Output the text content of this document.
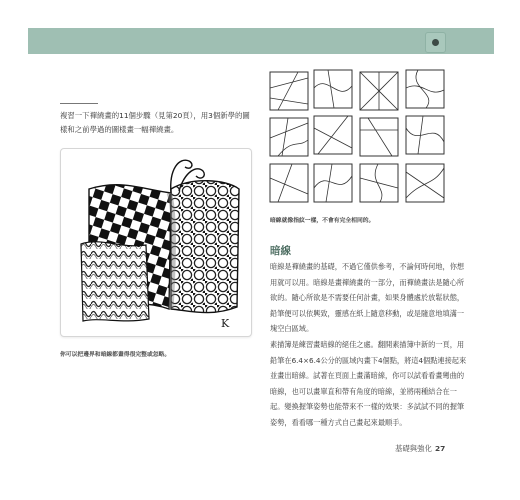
複習一下禪繞畫的11個步驟（見第20頁），用3個新學的圖樣和之前學過的圖樣畫一幅禪繞畫。
K
你可以把邊界和暗線都畫得很完整或忽略。
暗線就像指紋一樣，不會有完全相同的。
暗線
暗線是禪繞畫的基礎，不過它僅供參考，不論何時何地，你想用就可以用。暗線是畫禪繞畫的一部分，而禪繞畫法是隨心所欲的。隨心所欲是不需要任何計畫，如果身體處於放鬆狀態，鉛筆便可以依興致，靈感在紙上隨意移動，或是隨意地填滿一塊空白區域。
素描簿是練習畫暗線的絕佳之處。翻開素描簿中新的一頁，用鉛筆在6.4×6.4公分的區域內畫下4個點，將這4個點連接起來並畫出暗線。試著在頁面上畫滿暗線，你可以試看看畫彎曲的暗線，也可以畫單直和帶有角度的暗線，並將兩種結合在一起。變換握筆姿勢也能帶來不一樣的效果：多試試不同的握筆姿勢，看看哪一種方式自己畫起來最順手。
基礎與強化 27
